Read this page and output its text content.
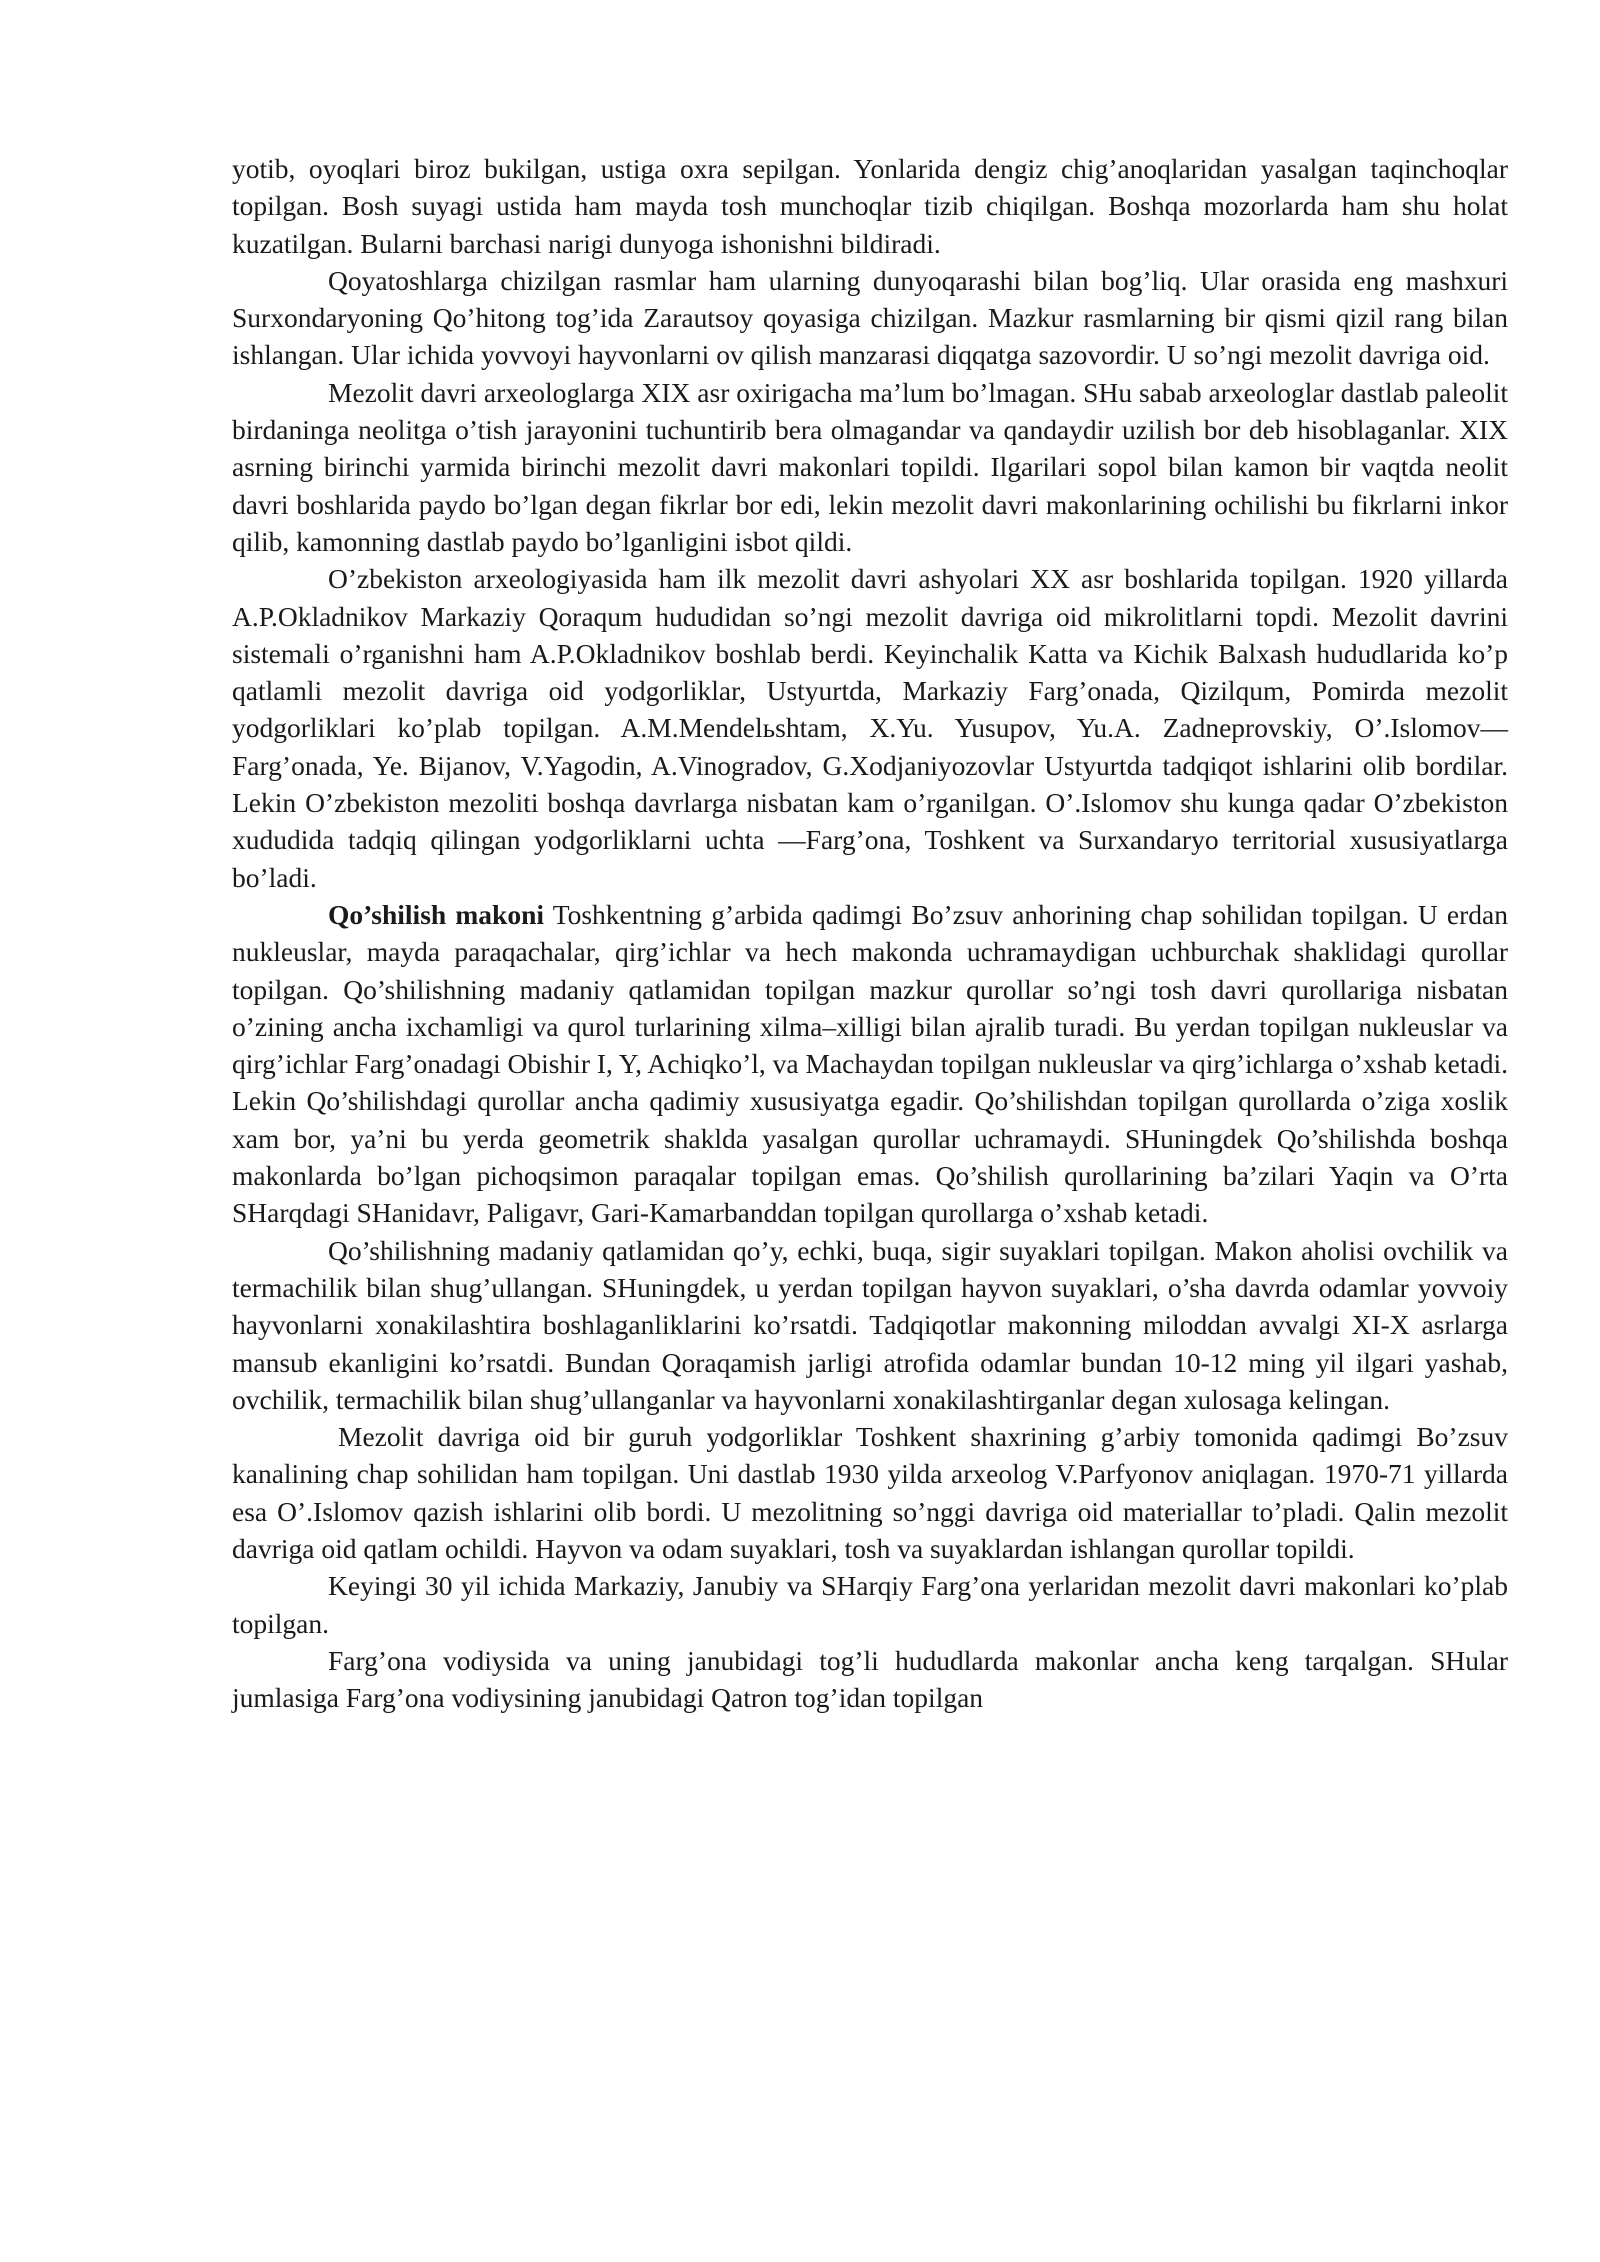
yotib, oyoqlari biroz bukilgan, ustiga oxra sepilgan. Yonlarida dengiz chig’anoqlaridan yasalgan taqinchoqlar topilgan. Bosh suyagi ustida ham mayda tosh munchoqlar tizib chiqilgan. Boshqa mozorlarda ham shu holat kuzatilgan. Bularni barchasi narigi dunyoga ishonishni bildiradi.

Qoyatoshlarga chizilgan rasmlar ham ularning dunyoqarashi bilan bog’liq. Ular orasida eng mashxuri Surxondaryoning Qo’hitong tog’ida Zarautsoy qoyasiga chizilgan. Mazkur rasmlarning bir qismi qizil rang bilan ishlangan. Ular ichida yovvoyi hayvonlarni ov qilish manzarasi diqqatga sazovordir. U so’ngi mezolit davriga oid.

Mezolit davri arxeologlarga XIX asr oxirigacha ma’lum bo’lmagan. SHu sabab arxeologlar dastlab paleolit birdaninga neolitga o’tish jarayonini tuchuntirib bera olmagandar va qandaydir uzilish bor deb hisoblaganlar. XIX asrning birinchi yarmida birinchi mezolit davri makonlari topildi. Ilgarilari sopol bilan kamon bir vaqtda neolit davri boshlarida paydo bo’lgan degan fikrlar bor edi, lekin mezolit davri makonlarining ochilishi bu fikrlarni inkor qilib, kamonning dastlab paydo bo’lganligini isbot qildi.

O’zbekiston arxeologiyasida ham ilk mezolit davri ashyolari XX asr boshlarida topilgan. 1920 yillarda A.P.Okladnikov Markaziy Qoraqum hududidan so’ngi mezolit davriga oid mikrolitlarni topdi. Mezolit davrini sistemali o’rganishni ham A.P.Okladnikov boshlab berdi. Keyinchalik Katta va Kichik Balxash hududlarida ko’p qatlamli mezolit davriga oid yodgorliklar, Ustyurtda, Markaziy Farg’onada, Qizilqum, Pomirda mezolit yodgorliklari ko’plab topilgan. A.M.Mendelьshtam, X.Yu. Yusupov, Yu.A. Zadneprovskiy, O’.Islomov—Farg’onada, Ye. Bijanov, V.Yagodin, A.Vinogradov, G.Xodjaniyozovlar Ustyurtda tadqiqot ishlarini olib bordilar. Lekin O’zbekiston mezoliti boshqa davrlarga nisbatan kam o’rganilgan. O’.Islomov shu kunga qadar O’zbekiston xududida tadqiq qilingan yodgorliklarni uchta —Farg’ona, Toshkent va Surxandaryo territorial xususiyatlarga bo’ladi.

Qo’shilish makoni Toshkentning g’arbida qadimgi Bo’zsuv anhorining chap sohilidan topilgan. U erdan nukleuslar, mayda paraqachalar, qirg’ichlar va hech makonda uchramaydigan uchburchak shaklidagi qurollar topilgan. Qo’shilishning madaniy qatlamidan topilgan mazkur qurollar so’ngi tosh davri qurollariga nisbatan o’zining ancha ixchamligi va qurol turlarining xilma–xilligi bilan ajralib turadi. Bu yerdan topilgan nukleuslar va qirg’ichlar Farg’onadagi Obishir I, Y, Achiqko’l, va Machaydan topilgan nukleuslar va qirg’ichlarga o’xshab ketadi. Lekin Qo’shilishdagi qurollar ancha qadimiy xususiyatga egadir. Qo’shilishdan topilgan qurollarda o’ziga xoslik xam bor, ya’ni bu yerda geometrik shaklda yasalgan qurollar uchramaydi. SHuningdek Qo’shilishda boshqa makonlarda bo’lgan pichoqsimon paraqalar topilgan emas. Qo’shilish qurollarining ba’zilari Yaqin va O’rta SHarqdagi SHanidavr, Paligavr, Gari-Kamarbanddan topilgan qurollarga o’xshab ketadi.

Qo’shilishning madaniy qatlamidan qo’y, echki, buqa, sigir suyaklari topilgan. Makon aholisi ovchilik va termachilik bilan shug’ullangan. SHuningdek, u yerdan topilgan hayvon suyaklari, o’sha davrda odamlar yovvoiy hayvonlarni xonakilashtira boshlaganliklarini ko’rsatdi. Tadqiqotlar makonning miloddan avvalgi XI-X asrlarga mansub ekanligini ko’rsatdi. Bundan Qoraqamish jarligi atrofida odamlar bundan 10-12 ming yil ilgari yashab, ovchilik, termachilik bilan shug’ullanganlar va hayvonlarni xonakilashtirganlar degan xulosaga kelingan.

Mezolit davriga oid bir guruh yodgorliklar Toshkent shaxrining g’arbiy tomonida qadimgi Bo’zsuv kanalining chap sohilidan ham topilgan. Uni dastlab 1930 yilda arxeolog V.Parfyonov aniqlagan. 1970-71 yillarda esa O’.Islomov qazish ishlarini olib bordi. U mezolitning so’nggi davriga oid materiallar to’pladi. Qalin mezolit davriga oid qatlam ochildi. Hayvon va odam suyaklari, tosh va suyaklardan ishlangan qurollar topildi.

Keyingi 30 yil ichida Markaziy, Janubiy va SHarqiy Farg’ona yerlaridan mezolit davri makonlari ko’plab topilgan.

Farg’ona vodiysida va uning janubidagi tog’li hududlarda makonlar ancha keng tarqalgan. SHular jumlasiga Farg’ona vodiysining janubidagi Qatron tog’idan topilgan
